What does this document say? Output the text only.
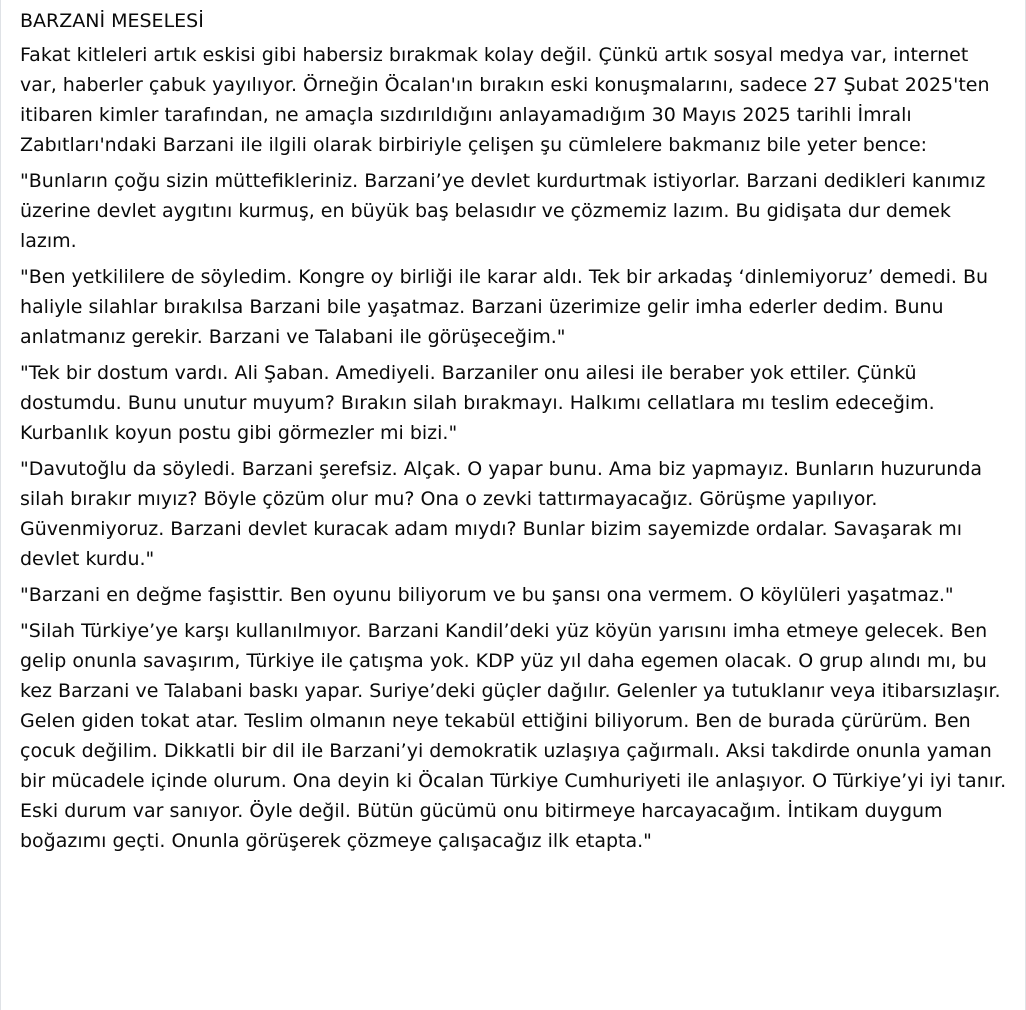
BARZANİ MESELESİ

Fakat kitleleri artık eskisi gibi habersiz bırakmak kolay değil. Çünkü artık sosyal medya var, internet var, haberler çabuk yayılıyor. Örneğin Öcalan'ın bırakın eski konuşmalarını, sadece 27 Şubat 2025'ten itibaren kimler tarafından, ne amaçla sızdırıldığını anlayamadığım 30 Mayıs 2025 tarihli İmralı Zabıtları'ndaki Barzani ile ilgili olarak birbiriyle çelişen şu cümlelere bakmanız bile yeter bence:

"Bunların çoğu sizin müttefikleriniz. Barzani’ye devlet kurdurtmak istiyorlar. Barzani dedikleri kanımız üzerine devlet aygıtını kurmuş, en büyük baş belasıdır ve çözmemiz lazım. Bu gidişata dur demek lazım.

"Ben yetkililere de söyledim. Kongre oy birliği ile karar aldı. Tek bir arkadaş ‘dinlemiyoruz’ demedi. Bu haliyle silahlar bırakılsa Barzani bile yaşatmaz. Barzani üzerimize gelir imha ederler dedim. Bunu anlatmanız gerekir. Barzani ve Talabani ile görüşeceğim."

"Tek bir dostum vardı. Ali Şaban. Amediyeli. Barzaniler onu ailesi ile beraber yok ettiler. Çünkü dostumdu. Bunu unutur muyum? Bırakın silah bırakmayı. Halkımı cellatlara mı teslim edeceğim. Kurbanlık koyun postu gibi görmezler mi bizi."

"Davutoğlu da söyledi. Barzani şerefsiz. Alçak. O yapar bunu. Ama biz yapmayız. Bunların huzurunda silah bırakır mıyız? Böyle çözüm olur mu? Ona o zevki tattırmayacağız. Görüşme yapılıyor. Güvenmiyoruz. Barzani devlet kuracak adam mıydı? Bunlar bizim sayemizde ordalar. Savaşarak mı devlet kurdu."

"Barzani en değme faşisttir. Ben oyunu biliyorum ve bu şansı ona vermem. O köylüleri yaşatmaz."

"Silah Türkiye’ye karşı kullanılmıyor. Barzani Kandil’deki yüz köyün yarısını imha etmeye gelecek. Ben gelip onunla savaşırım, Türkiye ile çatışma yok. KDP yüz yıl daha egemen olacak. O grup alındı mı, bu kez Barzani ve Talabani baskı yapar. Suriye’deki güçler dağılır. Gelenler ya tutuklanır veya itibarsızlaşır. Gelen giden tokat atar. Teslim olmanın neye tekabül ettiğini biliyorum. Ben de burada çürürüm. Ben çocuk değilim. Dikkatli bir dil ile Barzani’yi demokratik uzlaşıya çağırmalı. Aksi takdirde onunla yaman bir mücadele içinde olurum. Ona deyin ki Öcalan Türkiye Cumhuriyeti ile anlaşıyor. O Türkiye’yi iyi tanır. Eski durum var sanıyor. Öyle değil. Bütün gücümü onu bitirmeye harcayacağım. İntikam duygum boğazımı geçti. Onunla görüşerek çözmeye çalışacağız ilk etapta."
